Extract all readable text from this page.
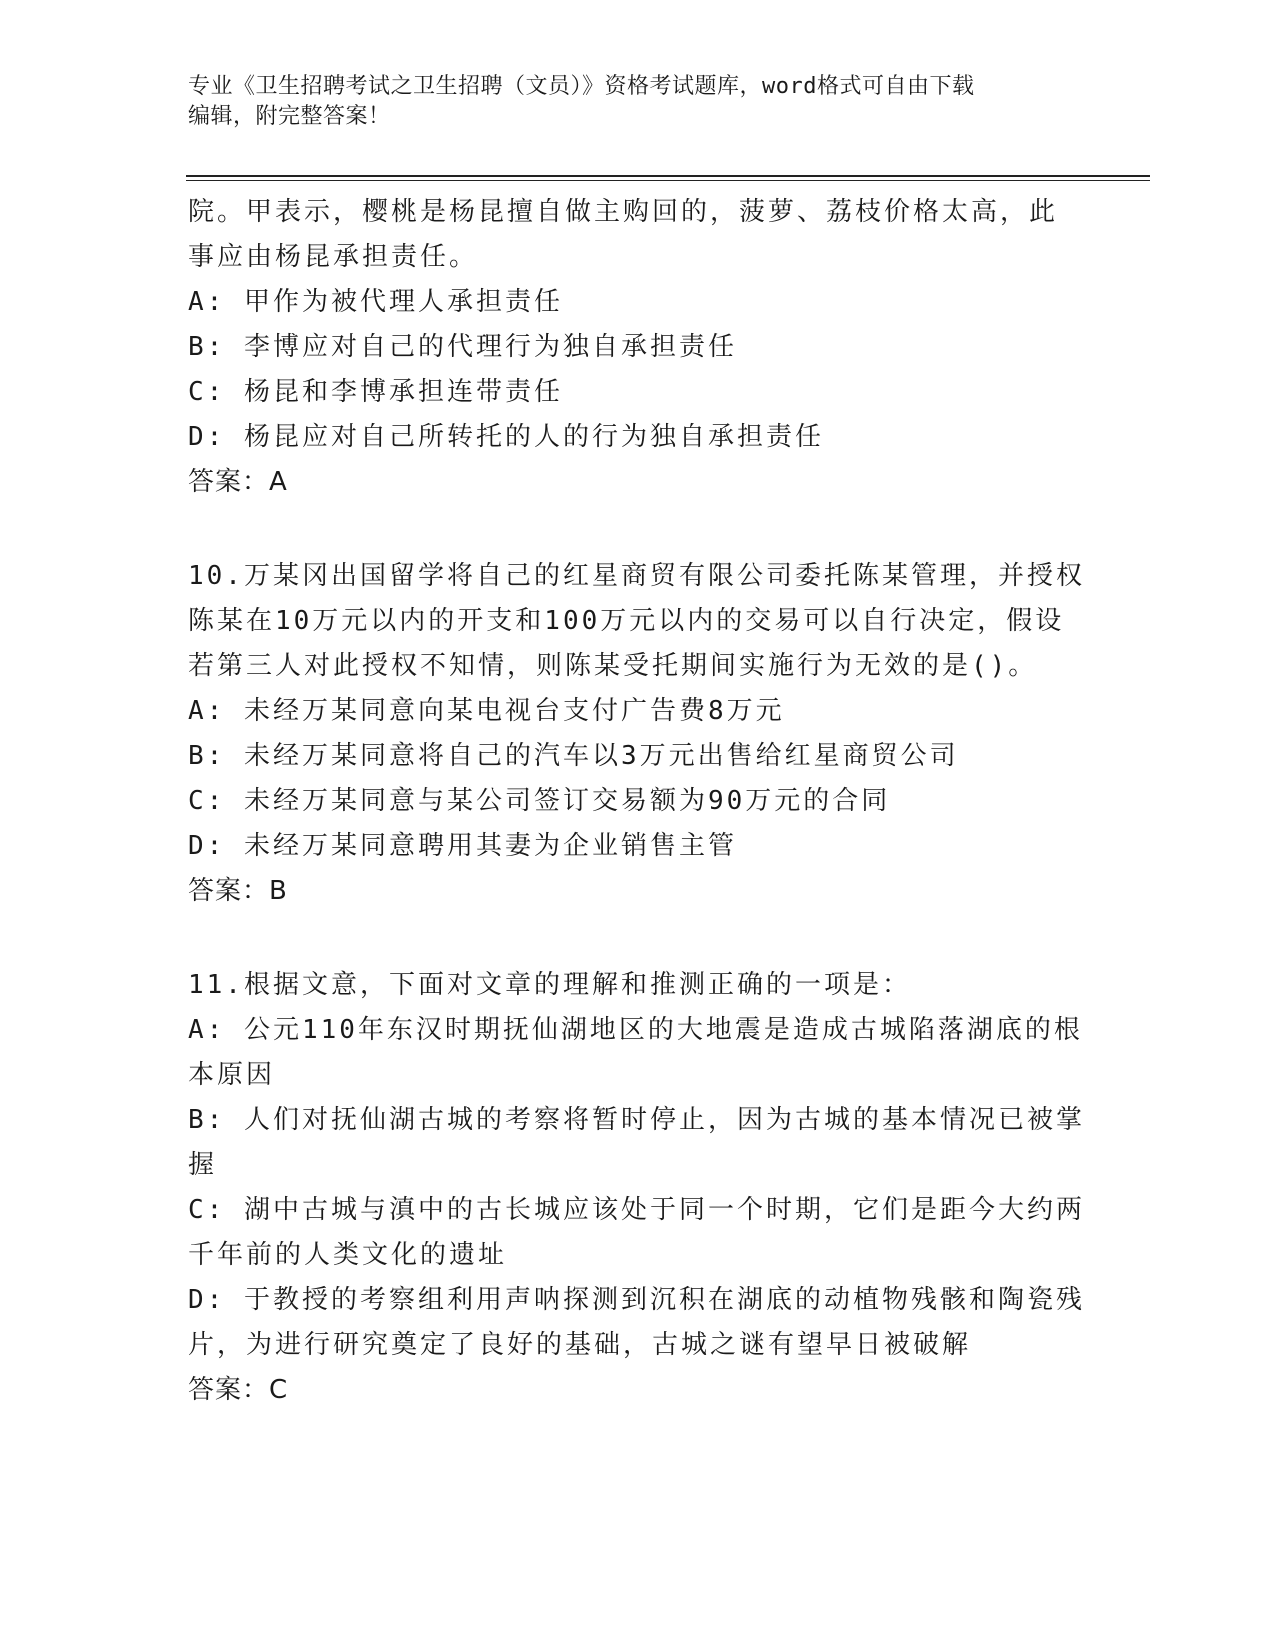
专业《卫生招聘考试之卫生招聘（文员）》资格考试题库，word格式可自由下载
编辑，附完整答案！
院。甲表示，樱桃是杨昆擅自做主购回的，菠萝、荔枝价格太高，此
事应由杨昆承担责任。
A: 甲作为被代理人承担责任
B: 李博应对自己的代理行为独自承担责任
C: 杨昆和李博承担连带责任
D: 杨昆应对自己所转托的人的行为独自承担责任
答案：A
10.万某冈出国留学将自己的红星商贸有限公司委托陈某管理，并授权
陈某在10万元以内的开支和100万元以内的交易可以自行决定，假设
若第三人对此授权不知情，则陈某受托期间实施行为无效的是()。
A: 未经万某同意向某电视台支付广告费8万元
B: 未经万某同意将自己的汽车以3万元出售给红星商贸公司
C: 未经万某同意与某公司签订交易额为90万元的合同
D: 未经万某同意聘用其妻为企业销售主管
答案：B
11.根据文意，下面对文章的理解和推测正确的一项是：
A: 公元110年东汉时期抚仙湖地区的大地震是造成古城陷落湖底的根
本原因
B: 人们对抚仙湖古城的考察将暂时停止，因为古城的基本情况已被掌
握
C: 湖中古城与滇中的古长城应该处于同一个时期，它们是距今大约两
千年前的人类文化的遗址
D: 于教授的考察组利用声呐探测到沉积在湖底的动植物残骸和陶瓷残
片，为进行研究奠定了良好的基础，古城之谜有望早日被破解
答案：C
